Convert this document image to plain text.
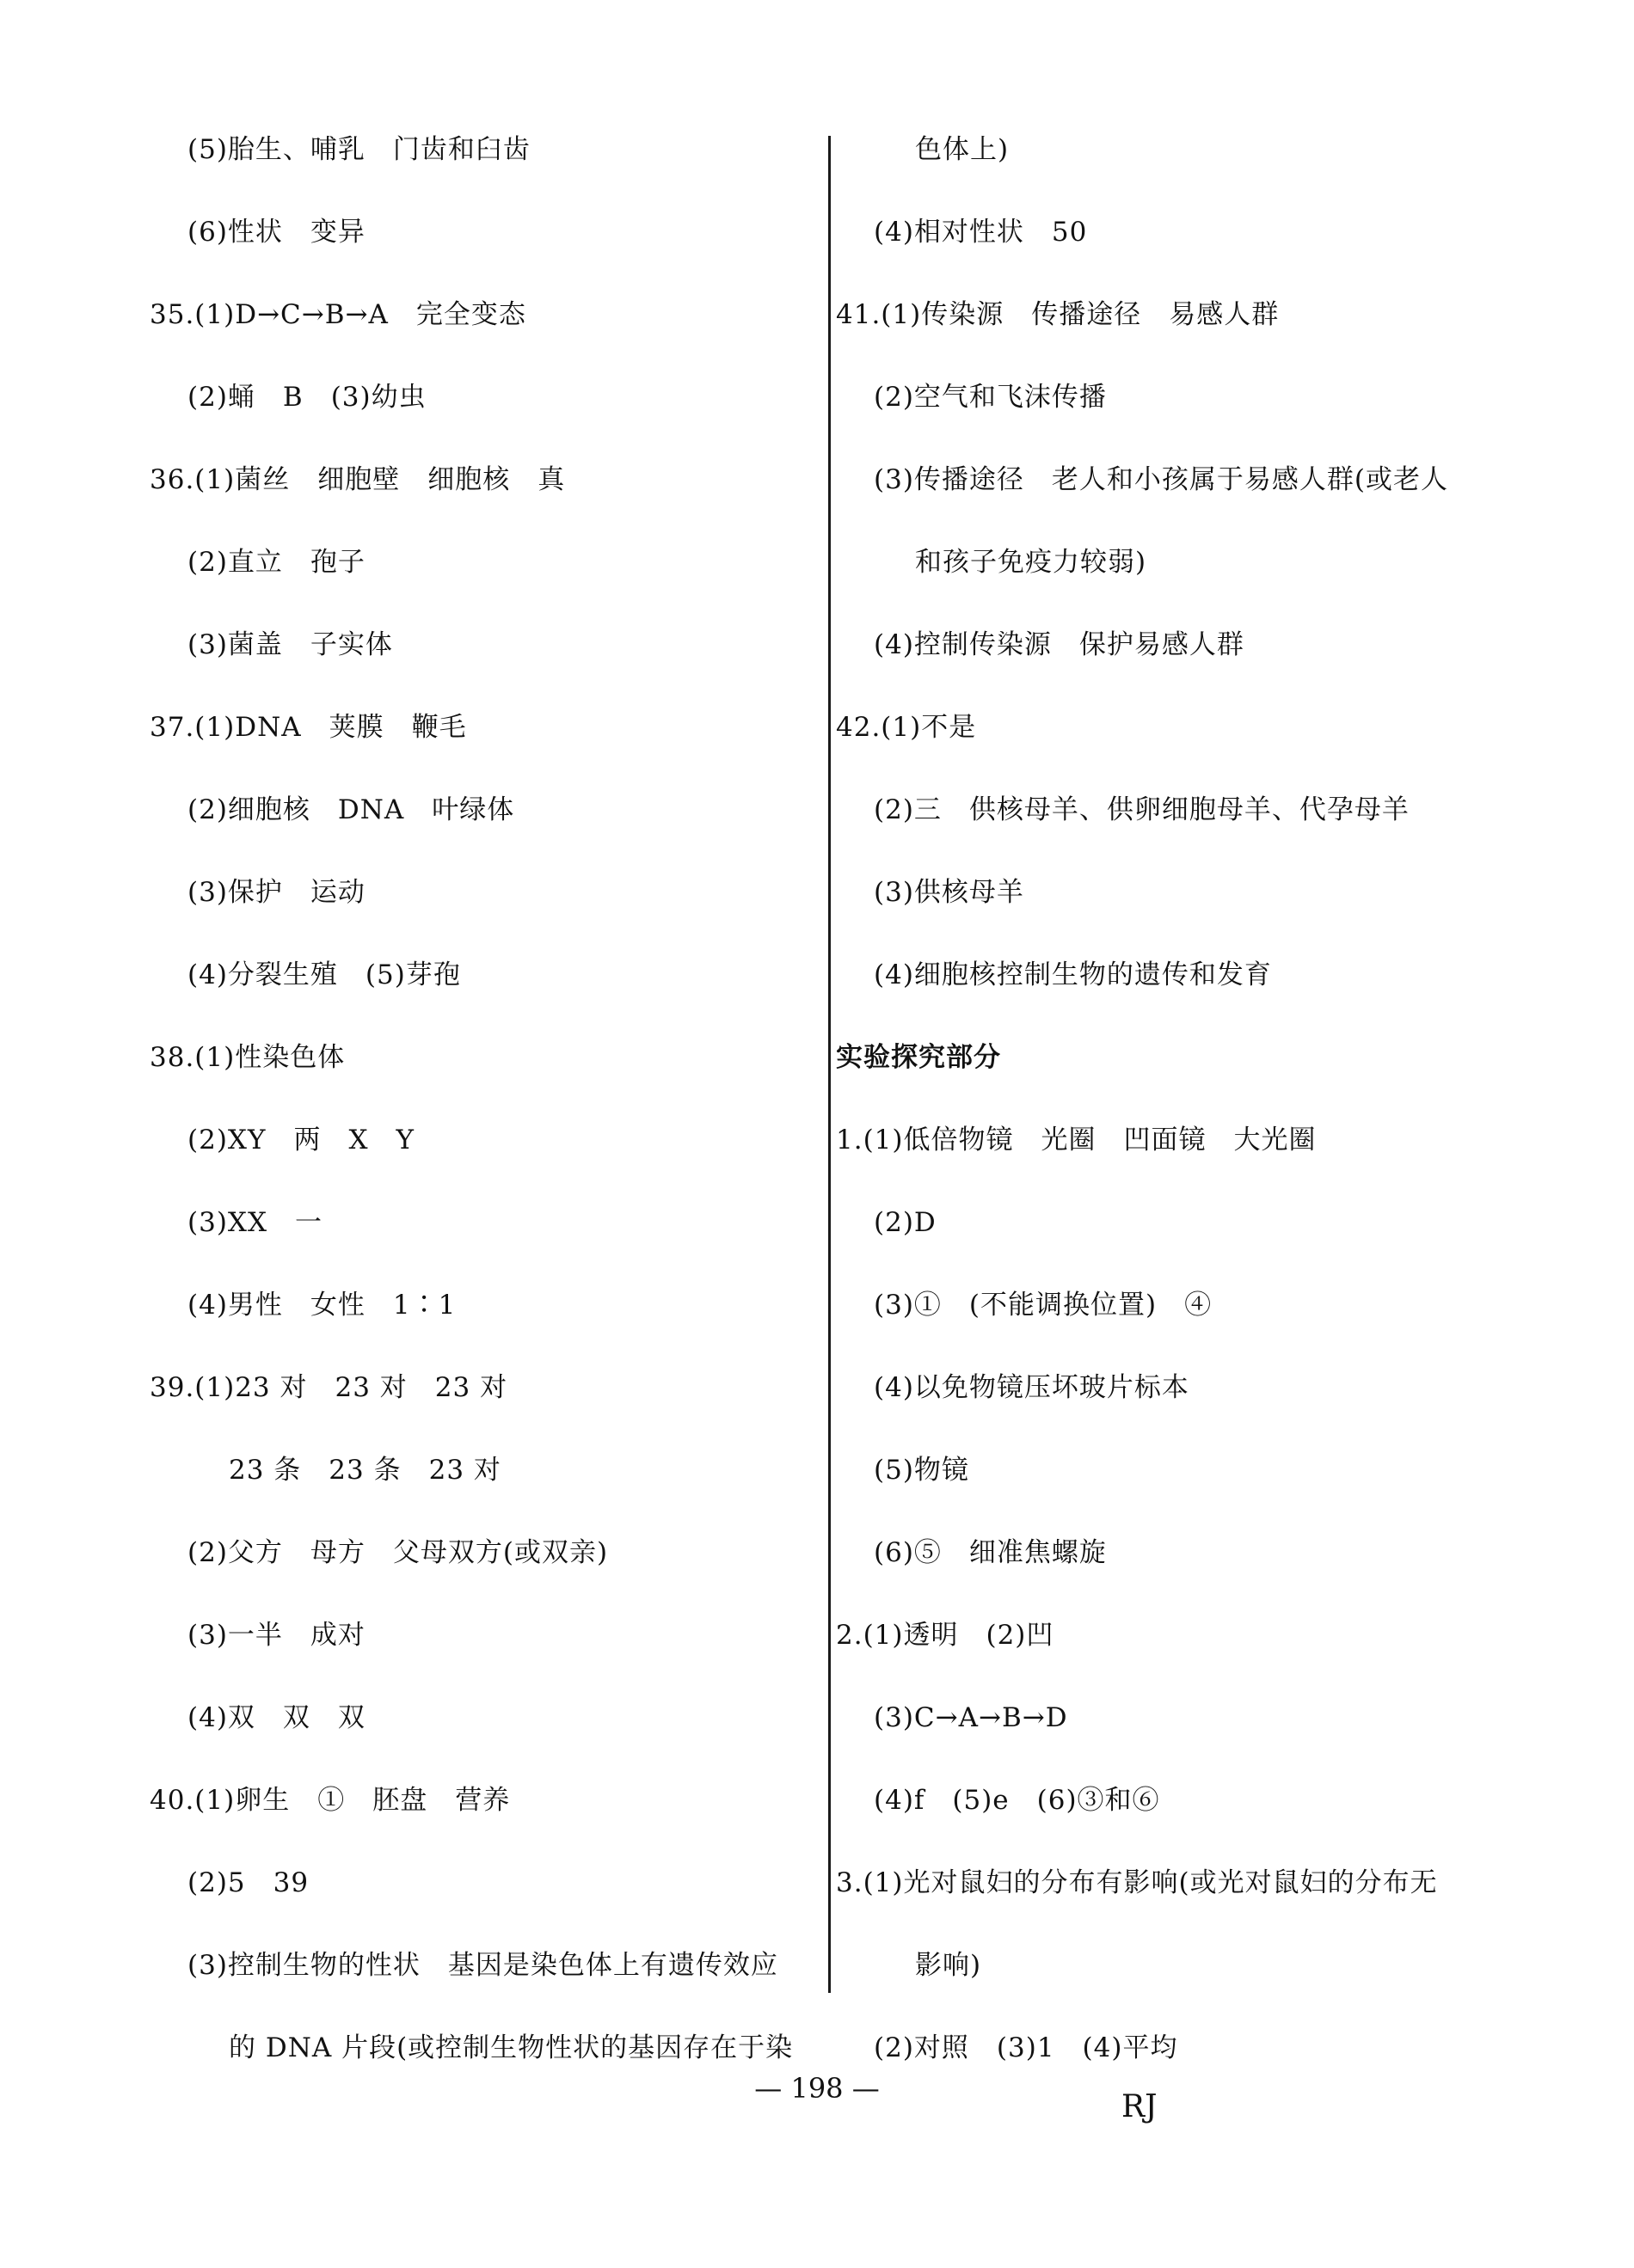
(5)胎生、哺乳　门齿和臼齿
(6)性状　变异
35.(1)D→C→B→A　完全变态
(2)蛹　B　(3)幼虫
36.(1)菌丝　细胞壁　细胞核　真
(2)直立　孢子
(3)菌盖　子实体
37.(1)DNA　荚膜　鞭毛
(2)细胞核　DNA　叶绿体
(3)保护　运动
(4)分裂生殖　(5)芽孢
38.(1)性染色体
(2)XY　两　X　Y
(3)XX　一
(4)男性　女性　1∶1
39.(1)23 对　23 对　23 对
23 条　23 条　23 对
(2)父方　母方　父母双方(或双亲)
(3)一半　成对
(4)双　双　双
40.(1)卵生　①　胚盘　营养
(2)5　39
(3)控制生物的性状　基因是染色体上有遗传效应
的 DNA 片段(或控制生物性状的基因存在于染
色体上)
(4)相对性状　50
41.(1)传染源　传播途径　易感人群
(2)空气和飞沫传播
(3)传播途径　老人和小孩属于易感人群(或老人
和孩子免疫力较弱)
(4)控制传染源　保护易感人群
42.(1)不是
(2)三　供核母羊、供卵细胞母羊、代孕母羊
(3)供核母羊
(4)细胞核控制生物的遗传和发育
实验探究部分
1.(1)低倍物镜　光圈　凹面镜　大光圈
(2)D
(3)①　(不能调换位置)　④
(4)以免物镜压坏玻片标本
(5)物镜
(6)⑤　细准焦螺旋
2.(1)透明　(2)凹
(3)C→A→B→D
(4)f　(5)e　(6)③和⑥
3.(1)光对鼠妇的分布有影响(或光对鼠妇的分布无
影响)
(2)对照　(3)1　(4)平均
— 198 —
RJ
